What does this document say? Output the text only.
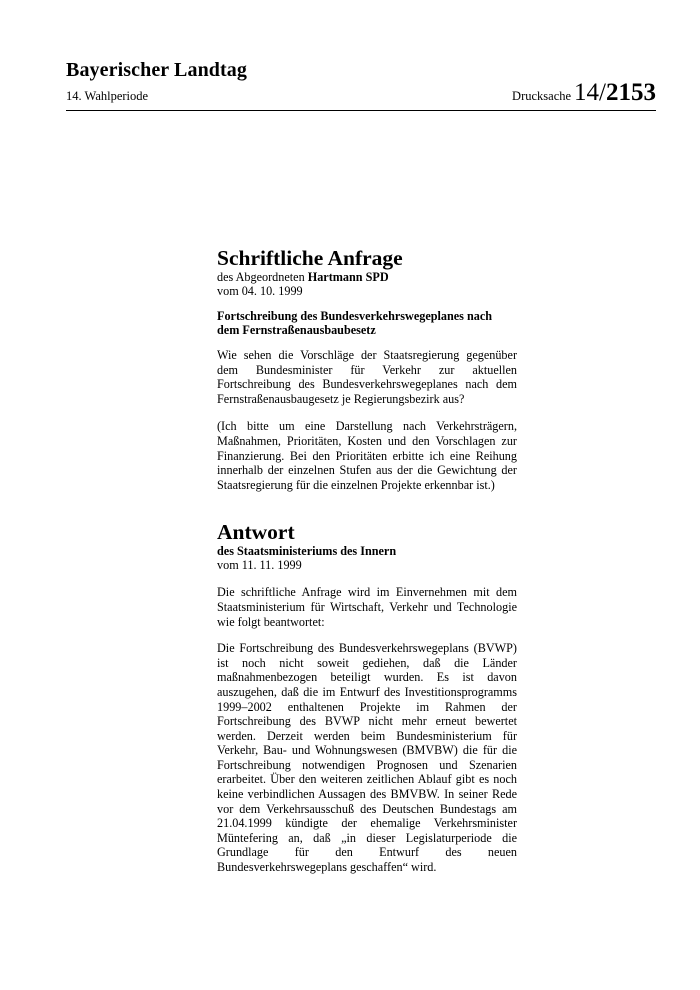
Bayerischer Landtag
14. Wahlperiode	Drucksache 14/2153
Schriftliche Anfrage
des Abgeordneten Hartmann SPD
vom 04. 10. 1999
Fortschreibung des Bundesverkehrswegeplanes nach
dem Fernstraßenausbaubesetz

Wie sehen die Vorschläge der Staatsregierung gegenüber dem Bundesminister für Verkehr zur aktuellen Fortschreibung des Bundesverkehrswegeplanes nach dem Fernstraßenausbaugesetz je Regierungsbezirk aus?

(Ich bitte um eine Darstellung nach Verkehrsträgern, Maßnahmen, Prioritäten, Kosten und den Vorschlagen zur Finanzierung. Bei den Prioritäten erbitte ich eine Reihung innerhalb der einzelnen Stufen aus der die Gewichtung der Staatsregierung für die einzelnen Projekte erkennbar ist.)

Antwort
des Staatsministeriums des Innern
vom 11. 11. 1999

Die schriftliche Anfrage wird im Einvernehmen mit dem Staatsministerium für Wirtschaft, Verkehr und Technologie wie folgt beantwortet:

Die Fortschreibung des Bundesverkehrswegeplans (BVWP) ist noch nicht soweit gediehen, daß die Länder maßnahmenbezogen beteiligt wurden. Es ist davon auszugehen, daß die im Entwurf des Investitionsprogramms 1999–2002 enthaltenen Projekte im Rahmen der Fortschreibung des BVWP nicht mehr erneut bewertet werden. Derzeit werden beim Bundesministerium für Verkehr, Bau- und Wohnungswesen (BMVBW) die für die Fortschreibung notwendigen Prognosen und Szenarien erarbeitet. Über den weiteren zeitlichen Ablauf gibt es noch keine verbindlichen Aussagen des BMVBW. In seiner Rede vor dem Verkehrsausschuß des Deutschen Bundestags am 21.04.1999 kündigte der ehemalige Verkehrsminister Müntefering an, daß „in dieser Legislaturperiode die Grundlage für den Entwurf des neuen Bundesverkehrswegeplans geschaffen“ wird.
